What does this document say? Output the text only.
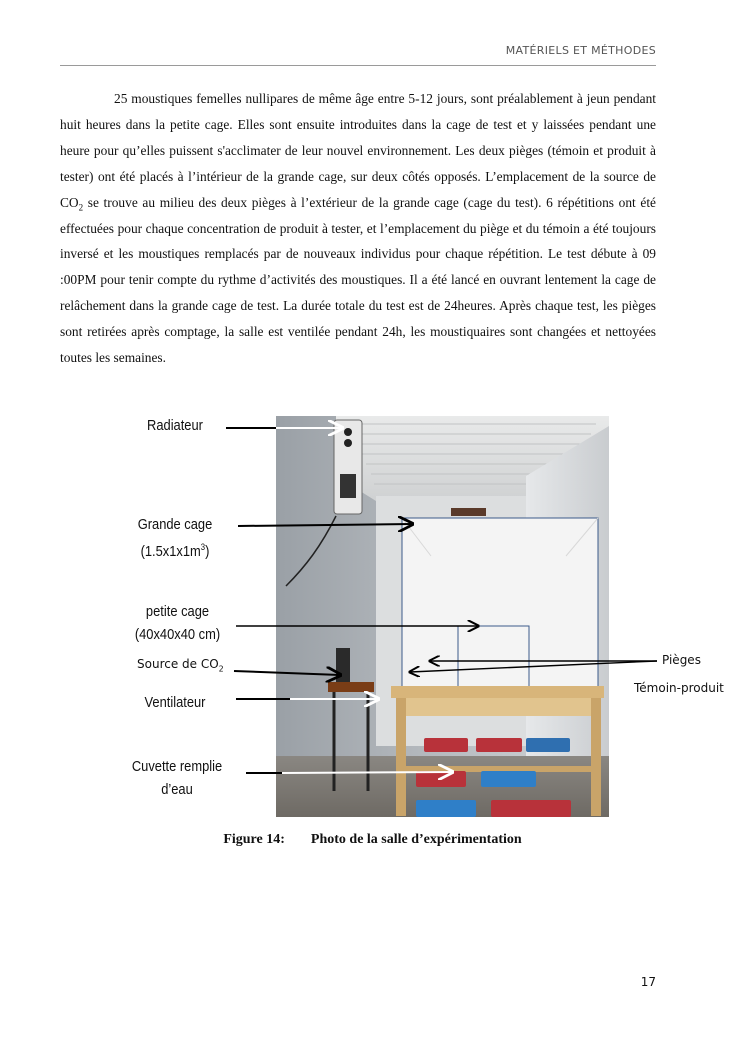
MATÉRIELS ET MÉTHODES

25 moustiques femelles nullipares de même âge entre 5-12 jours, sont préalablement à jeun pendant huit heures dans la petite cage. Elles sont ensuite introduites dans la cage de test et y laissées pendant une heure pour qu’elles puissent s'acclimater de leur nouvel environnement. Les deux pièges (témoin et produit à tester) ont été placés à l’intérieur de la grande cage, sur deux côtés opposés. L’emplacement de la source de $CO_2$ se trouve au milieu des deux pièges à l’extérieur de la grande cage (cage du test). 6 répétitions ont été effectuées pour chaque concentration de produit à tester, et l’emplacement du piège et du témoin a été toujours inversé et les moustiques remplacés par de nouveaux individus pour chaque répétition. Le test débute à 09 :00PM pour tenir compte du rythme d’activités des moustiques. Il a été lancé en ouvrant lentement la cage de relâchement dans la grande cage de test. La durée totale du test est de 24heures. Après chaque test, les pièges sont retirées après comptage, la salle est ventilée pendant 24h, les moustiquaires sont changées et nettoyées toutes les semaines.

Radiateur
Grande cage
$(1.5x1x1m^3)$
petite cage
(40x40x40 cm)
Source de $CO_2$
Ventilateur
Cuvette remplie
d’eau
Pièges
Témoin-produit
Figure 14: Photo de la salle d’expérimentation
17
